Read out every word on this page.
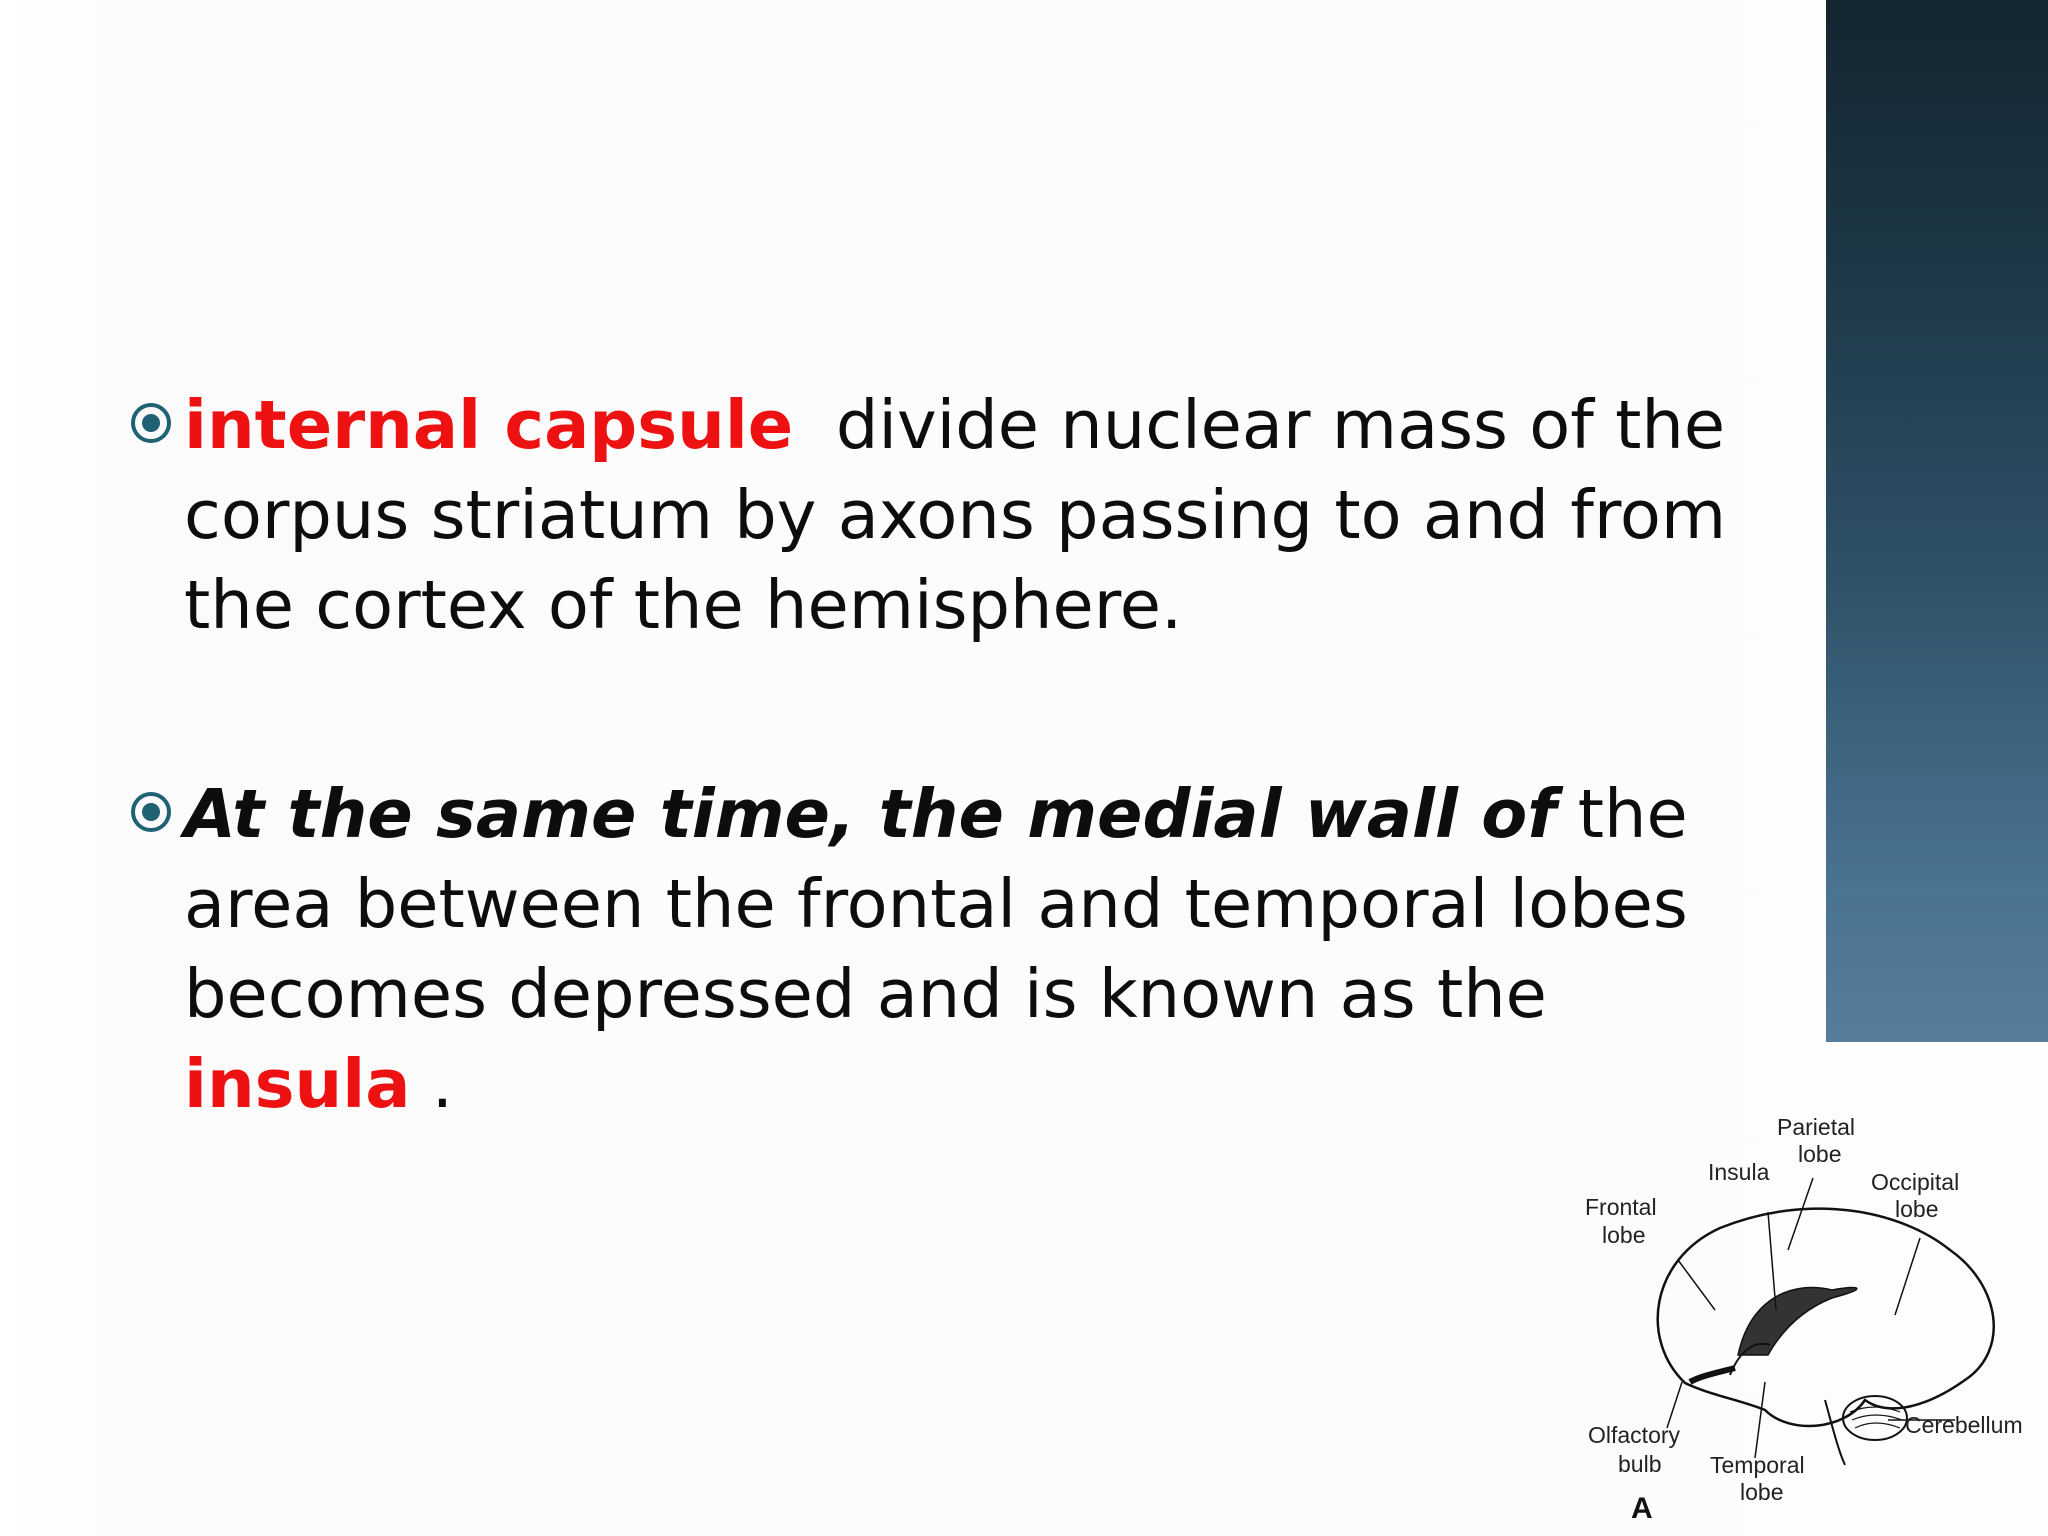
internal capsule  divide nuclear mass of the corpus striatum by axons passing to and from the cortex of the hemisphere.
At the same time, the medial wall of the area between the frontal and temporal lobes becomes depressed and is known as the insula .
Parietal
lobe
Insula	Occipital
lobe
Frontal
lobe
Cerebellum
Olfactory
bulb Temporal
lobe
A
